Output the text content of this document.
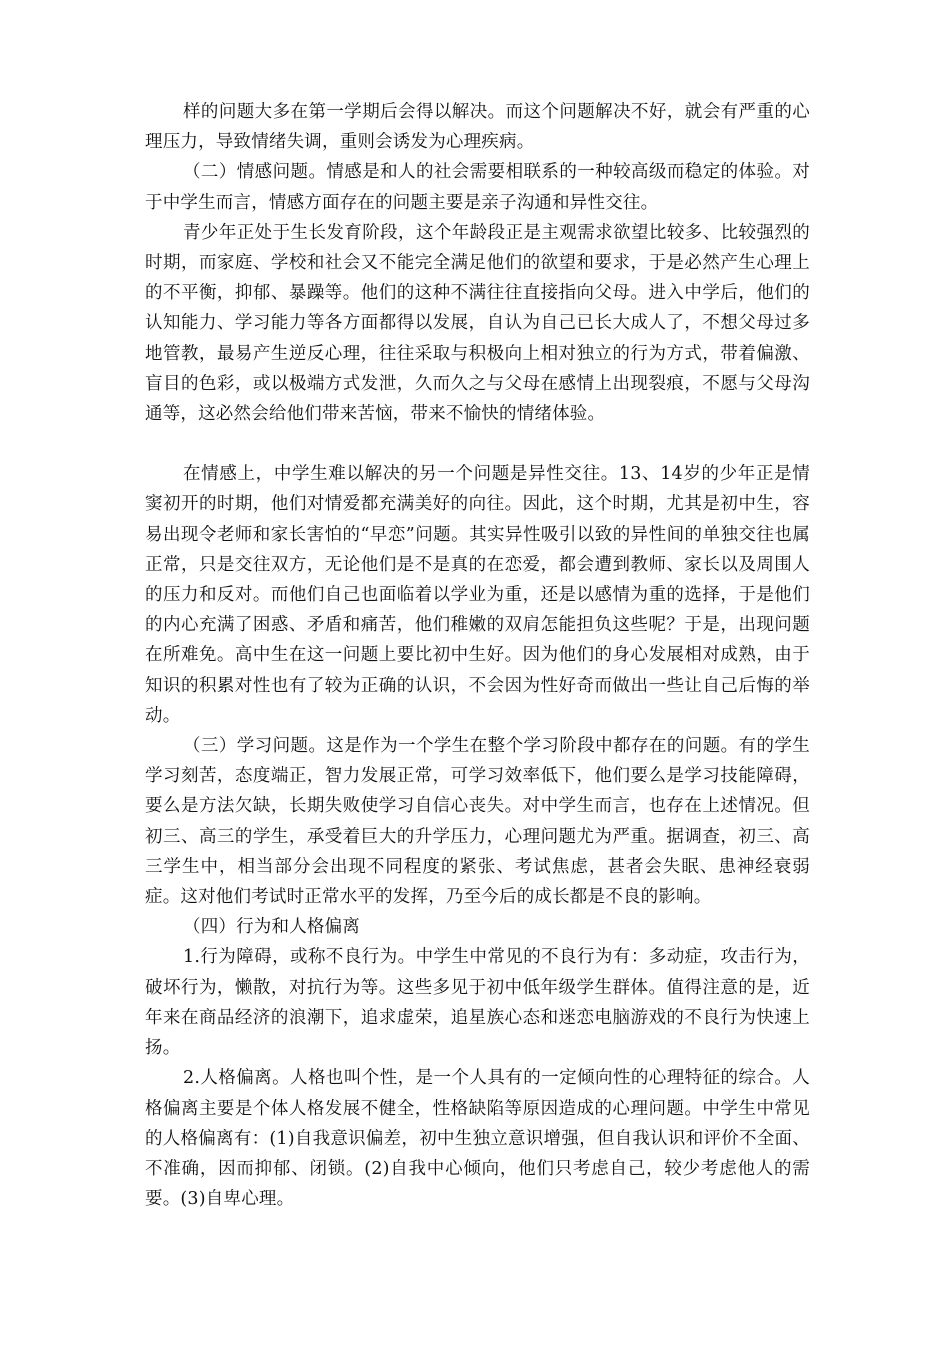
样的问题大多在第一学期后会得以解决。而这个问题解决不好，就会有严重的心理压力，导致情绪失调，重则会诱发为心理疾病。

（二）情感问题。情感是和人的社会需要相联系的一种较高级而稳定的体验。对于中学生而言，情感方面存在的问题主要是亲子沟通和异性交往。

青少年正处于生长发育阶段，这个年龄段正是主观需求欲望比较多、比较强烈的时期，而家庭、学校和社会又不能完全满足他们的欲望和要求，于是必然产生心理上的不平衡，抑郁、暴躁等。他们的这种不满往往直接指向父母。进入中学后，他们的认知能力、学习能力等各方面都得以发展，自认为自己已长大成人了，不想父母过多地管教，最易产生逆反心理，往往采取与积极向上相对独立的行为方式，带着偏激、盲目的色彩，或以极端方式发泄，久而久之与父母在感情上出现裂痕，不愿与父母沟通等，这必然会给他们带来苦恼，带来不愉快的情绪体验。

在情感上，中学生难以解决的另一个问题是异性交往。13、14岁的少年正是情窦初开的时期，他们对情爱都充满美好的向往。因此，这个时期，尤其是初中生，容易出现令老师和家长害怕的“早恋”问题。其实异性吸引以致的异性间的单独交往也属正常，只是交往双方，无论他们是不是真的在恋爱，都会遭到教师、家长以及周围人的压力和反对。而他们自己也面临着以学业为重，还是以感情为重的选择，于是他们的内心充满了困惑、矛盾和痛苦，他们稚嫩的双肩怎能担负这些呢？于是，出现问题在所难免。高中生在这一问题上要比初中生好。因为他们的身心发展相对成熟，由于知识的积累对性也有了较为正确的认识，不会因为性好奇而做出一些让自己后悔的举动。

（三）学习问题。这是作为一个学生在整个学习阶段中都存在的问题。有的学生学习刻苦，态度端正，智力发展正常，可学习效率低下，他们要么是学习技能障碍，要么是方法欠缺，长期失败使学习自信心丧失。对中学生而言，也存在上述情况。但初三、高三的学生，承受着巨大的升学压力，心理问题尤为严重。据调查，初三、高三学生中，相当部分会出现不同程度的紧张、考试焦虑，甚者会失眠、患神经衰弱症。这对他们考试时正常水平的发挥，乃至今后的成长都是不良的影响。

（四）行为和人格偏离

1.行为障碍，或称不良行为。中学生中常见的不良行为有：多动症，攻击行为，破坏行为，懒散，对抗行为等。这些多见于初中低年级学生群体。值得注意的是，近年来在商品经济的浪潮下，追求虚荣，追星族心态和迷恋电脑游戏的不良行为快速上扬。

2.人格偏离。人格也叫个性，是一个人具有的一定倾向性的心理特征的综合。人格偏离主要是个体人格发展不健全，性格缺陷等原因造成的心理问题。中学生中常见的人格偏离有：(1)自我意识偏差，初中生独立意识增强，但自我认识和评价不全面、不准确，因而抑郁、闭锁。(2)自我中心倾向，他们只考虑自己，较少考虑他人的需要。(3)自卑心理。
